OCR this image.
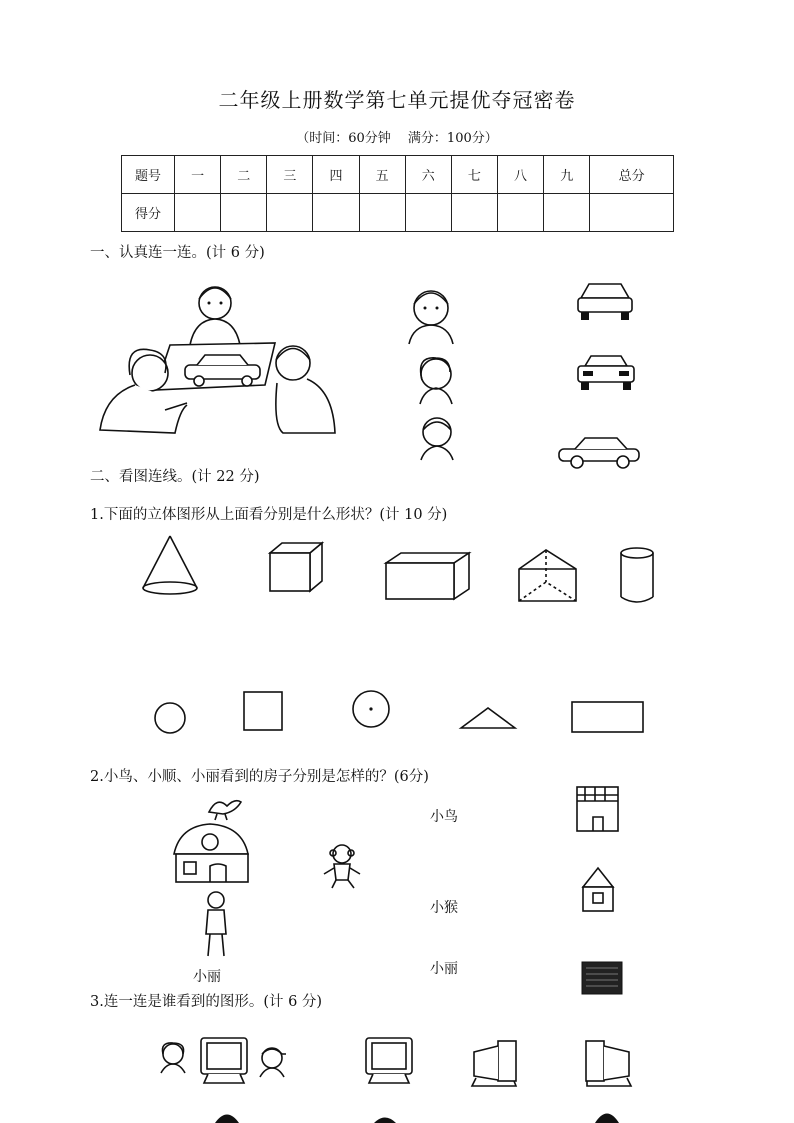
二年级上册数学第七单元提优夺冠密卷
（时间：60分钟　 满分：100分）
题号	一	二	三	四	五	六	七	八	九	总分
得分										
一、认真连一连。(计 6 分)
二、看图连线。(计 22 分)
1.下面的立体图形从上面看分别是什么形状？(计 10 分)
2.小鸟、小顺、小丽看到的房子分别是怎样的？(6分)
小丽
小鸟
小猴
小丽
3.连一连是谁看到的图形。(计 6 分)
